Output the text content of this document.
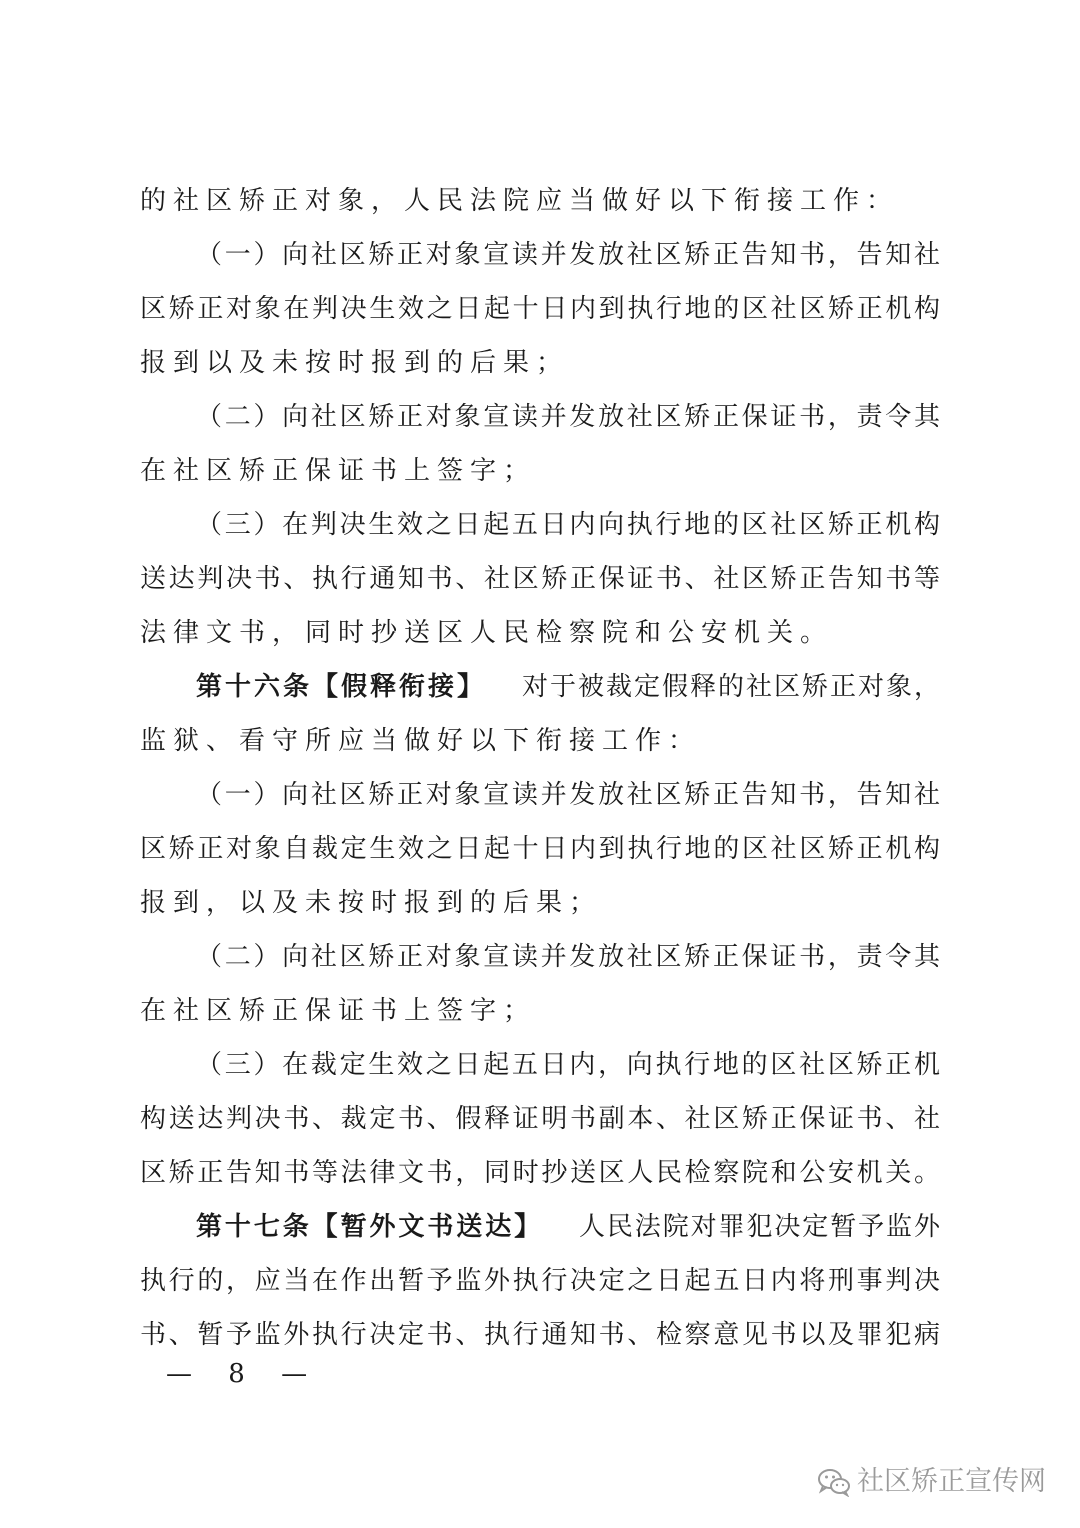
的社区矫正对象，人民法院应当做好以下衔接工作：
（一）向社区矫正对象宣读并发放社区矫正告知书，告知社
区矫正对象在判决生效之日起十日内到执行地的区社区矫正机构
报到以及未按时报到的后果；
（二）向社区矫正对象宣读并发放社区矫正保证书，责令其
在社区矫正保证书上签字；
（三）在判决生效之日起五日内向执行地的区社区矫正机构
送达判决书、执行通知书、社区矫正保证书、社区矫正告知书等
法律文书，同时抄送区人民检察院和公安机关。
第十六条【假释衔接】 对于被裁定假释的社区矫正对象，
监狱、看守所应当做好以下衔接工作：
（一）向社区矫正对象宣读并发放社区矫正告知书，告知社
区矫正对象自裁定生效之日起十日内到执行地的区社区矫正机构
报到，以及未按时报到的后果；
（二）向社区矫正对象宣读并发放社区矫正保证书，责令其
在社区矫正保证书上签字；
（三）在裁定生效之日起五日内，向执行地的区社区矫正机
构送达判决书、裁定书、假释证明书副本、社区矫正保证书、社
区矫正告知书等法律文书，同时抄送区人民检察院和公安机关。
第十七条【暂外文书送达】 人民法院对罪犯决定暂予监外
执行的，应当在作出暂予监外执行决定之日起五日内将刑事判决
书、暂予监外执行决定书、执行通知书、检察意见书以及罪犯病
— 8 —
社区矫正宣传网
